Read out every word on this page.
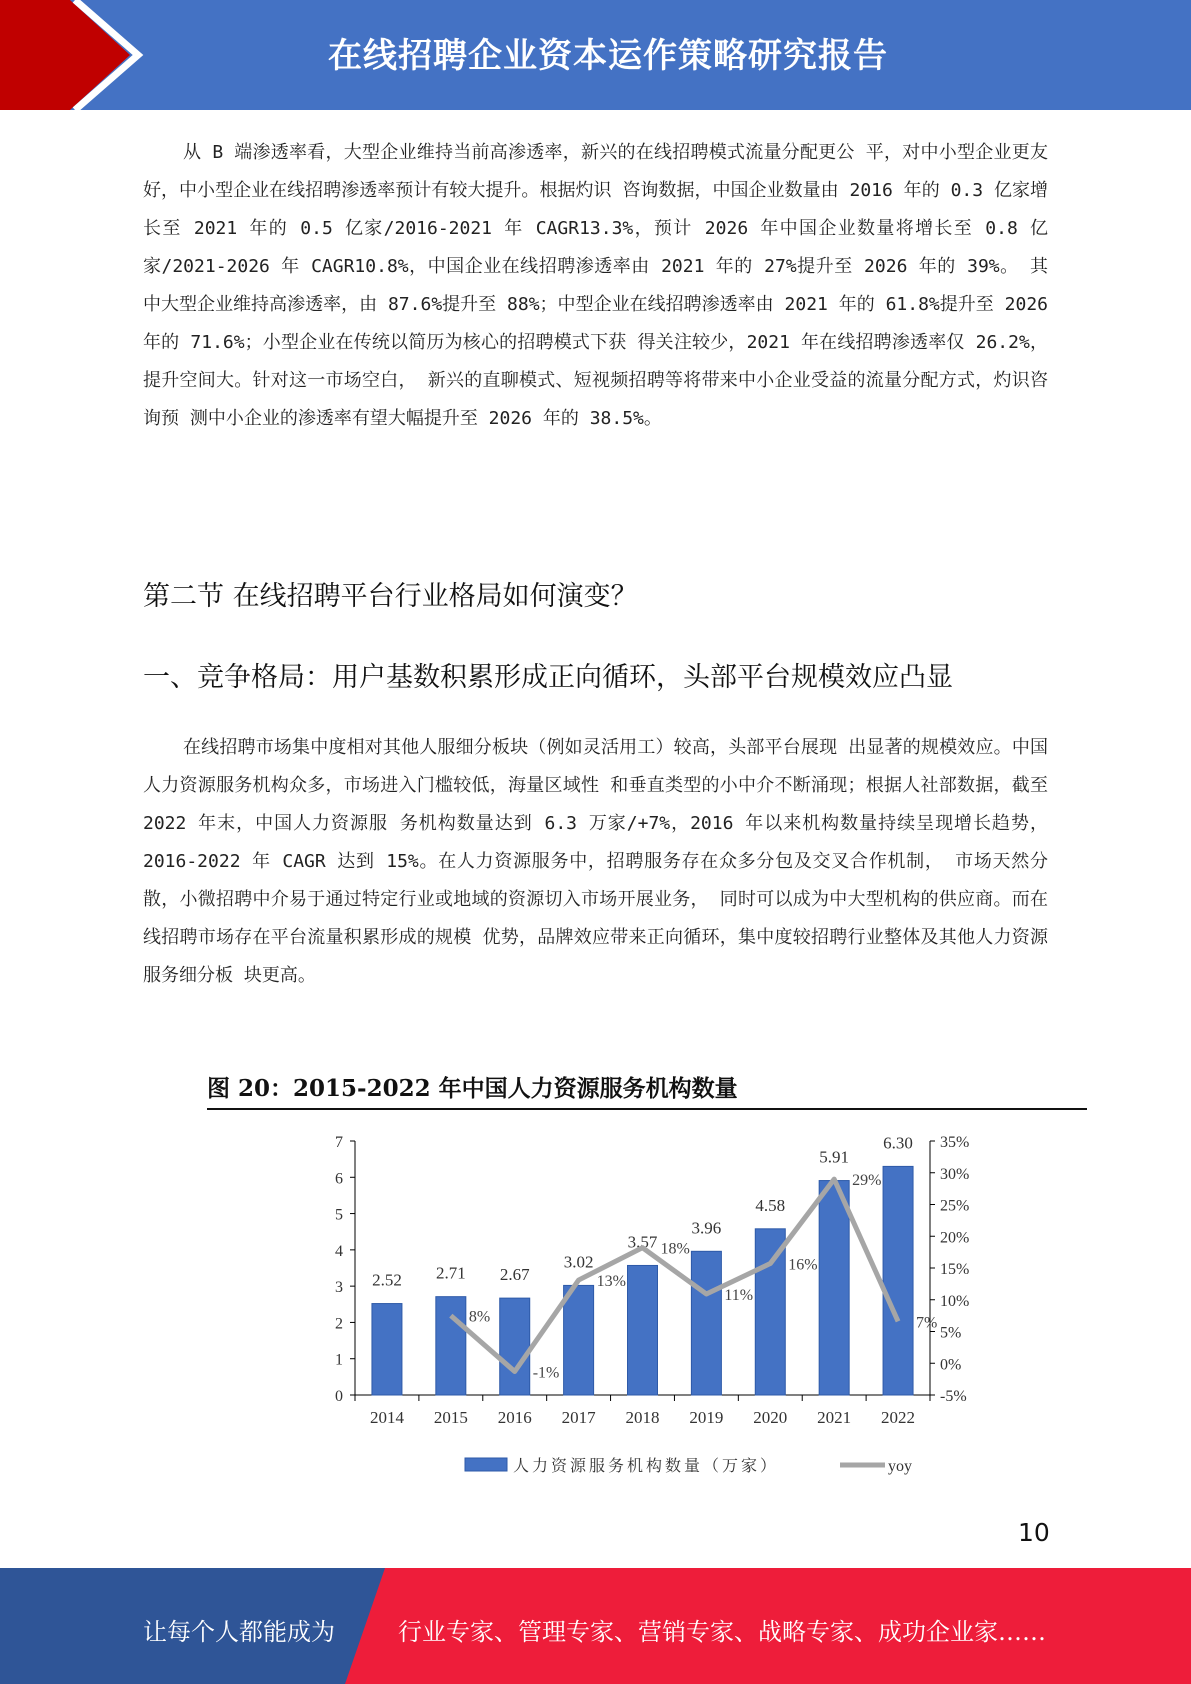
在线招聘企业资本运作策略研究报告

从 B 端渗透率看，大型企业维持当前高渗透率，新兴的在线招聘模式流量分配更公 平，对中小型企业更友好，中小型企业在线招聘渗透率预计有较大提升。根据灼识 咨询数据，中国企业数量由 2016 年的 0.3 亿家增长至 2021 年的 0.5 亿家/2016-2021 年 CAGR13.3%，预计 2026 年中国企业数量将增长至 0.8 亿家/2021-2026 年 CAGR10.8%，中国企业在线招聘渗透率由 2021 年的 27%提升至 2026 年的 39%。 其中大型企业维持高渗透率，由 87.6%提升至 88%；中型企业在线招聘渗透率由 2021 年的 61.8%提升至 2026 年的 71.6%；小型企业在传统以简历为核心的招聘模式下获 得关注较少，2021 年在线招聘渗透率仅 26.2%，提升空间大。针对这一市场空白， 新兴的直聊模式、短视频招聘等将带来中小企业受益的流量分配方式，灼识咨询预 测中小企业的渗透率有望大幅提升至 2026 年的 38.5%。

第二节 在线招聘平台行业格局如何演变？
一、竞争格局：用户基数积累形成正向循环，头部平台规模效应凸显

在线招聘市场集中度相对其他人服细分板块（例如灵活用工）较高，头部平台展现 出显著的规模效应。中国人力资源服务机构众多，市场进入门槛较低，海量区域性 和垂直类型的小中介不断涌现；根据人社部数据，截至 2022 年末，中国人力资源服 务机构数量达到 6.3 万家/+7%，2016 年以来机构数量持续呈现增长趋势，2016-2022 年 CAGR 达到 15%。在人力资源服务中，招聘服务存在众多分包及交叉合作机制， 市场天然分散，小微招聘中介易于通过特定行业或地域的资源切入市场开展业务， 同时可以成为中大型机构的供应商。而在线招聘市场存在平台流量积累形成的规模 优势，品牌效应带来正向循环，集中度较招聘行业整体及其他人力资源服务细分板 块更高。

图 20：2015-2022 年中国人力资源服务机构数量
0
1
2
3
4
5
6
7
-5%
0%
5%
10%
15%
20%
25%
30%
35%
2014 2015 2016 2017 2018 2019 2020 2021 2022
2.52 2.71 2.67
3.02
3.57
3.96
4.58
5.91
6.30
8%
-1%
13%
18%
11%
16%
29%
7%
人力资源服务机构数量（万家）	yoy
10
让每个人都能成为	行业专家、管理专家、营销专家、战略专家、成功企业家……
